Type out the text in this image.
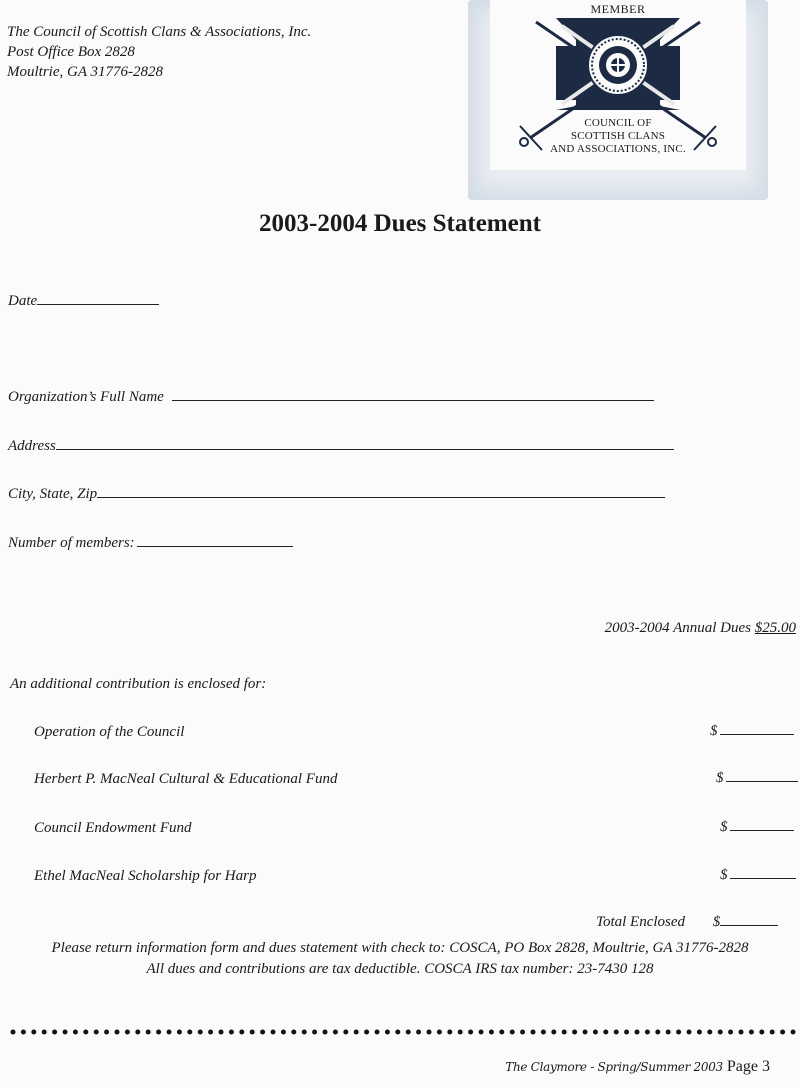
The Council of Scottish Clans & Associations, Inc.
Post Office Box 2828
Moultrie, GA 31776-2828
MEMBER
COUNCIL OF
SCOTTISH CLANS
AND ASSOCIATIONS, INC.
2003-2004 Dues Statement
Date
Organization’s Full Name
Address
City, State, Zip
Number of members:
2003-2004 Annual Dues $25.00
An additional contribution is enclosed for:
Operation of the Council	$
Herbert P. MacNeal Cultural & Educational Fund	$
Council Endowment Fund	$
Ethel MacNeal Scholarship for Harp	$
Total Enclosed $
Please return information form and dues statement with check to: COSCA, PO Box 2828, Moultrie, GA 31776-2828
All dues and contributions are tax deductible. COSCA IRS tax number: 23-7430 128
The Claymore - Spring/Summer 2003 Page 3
